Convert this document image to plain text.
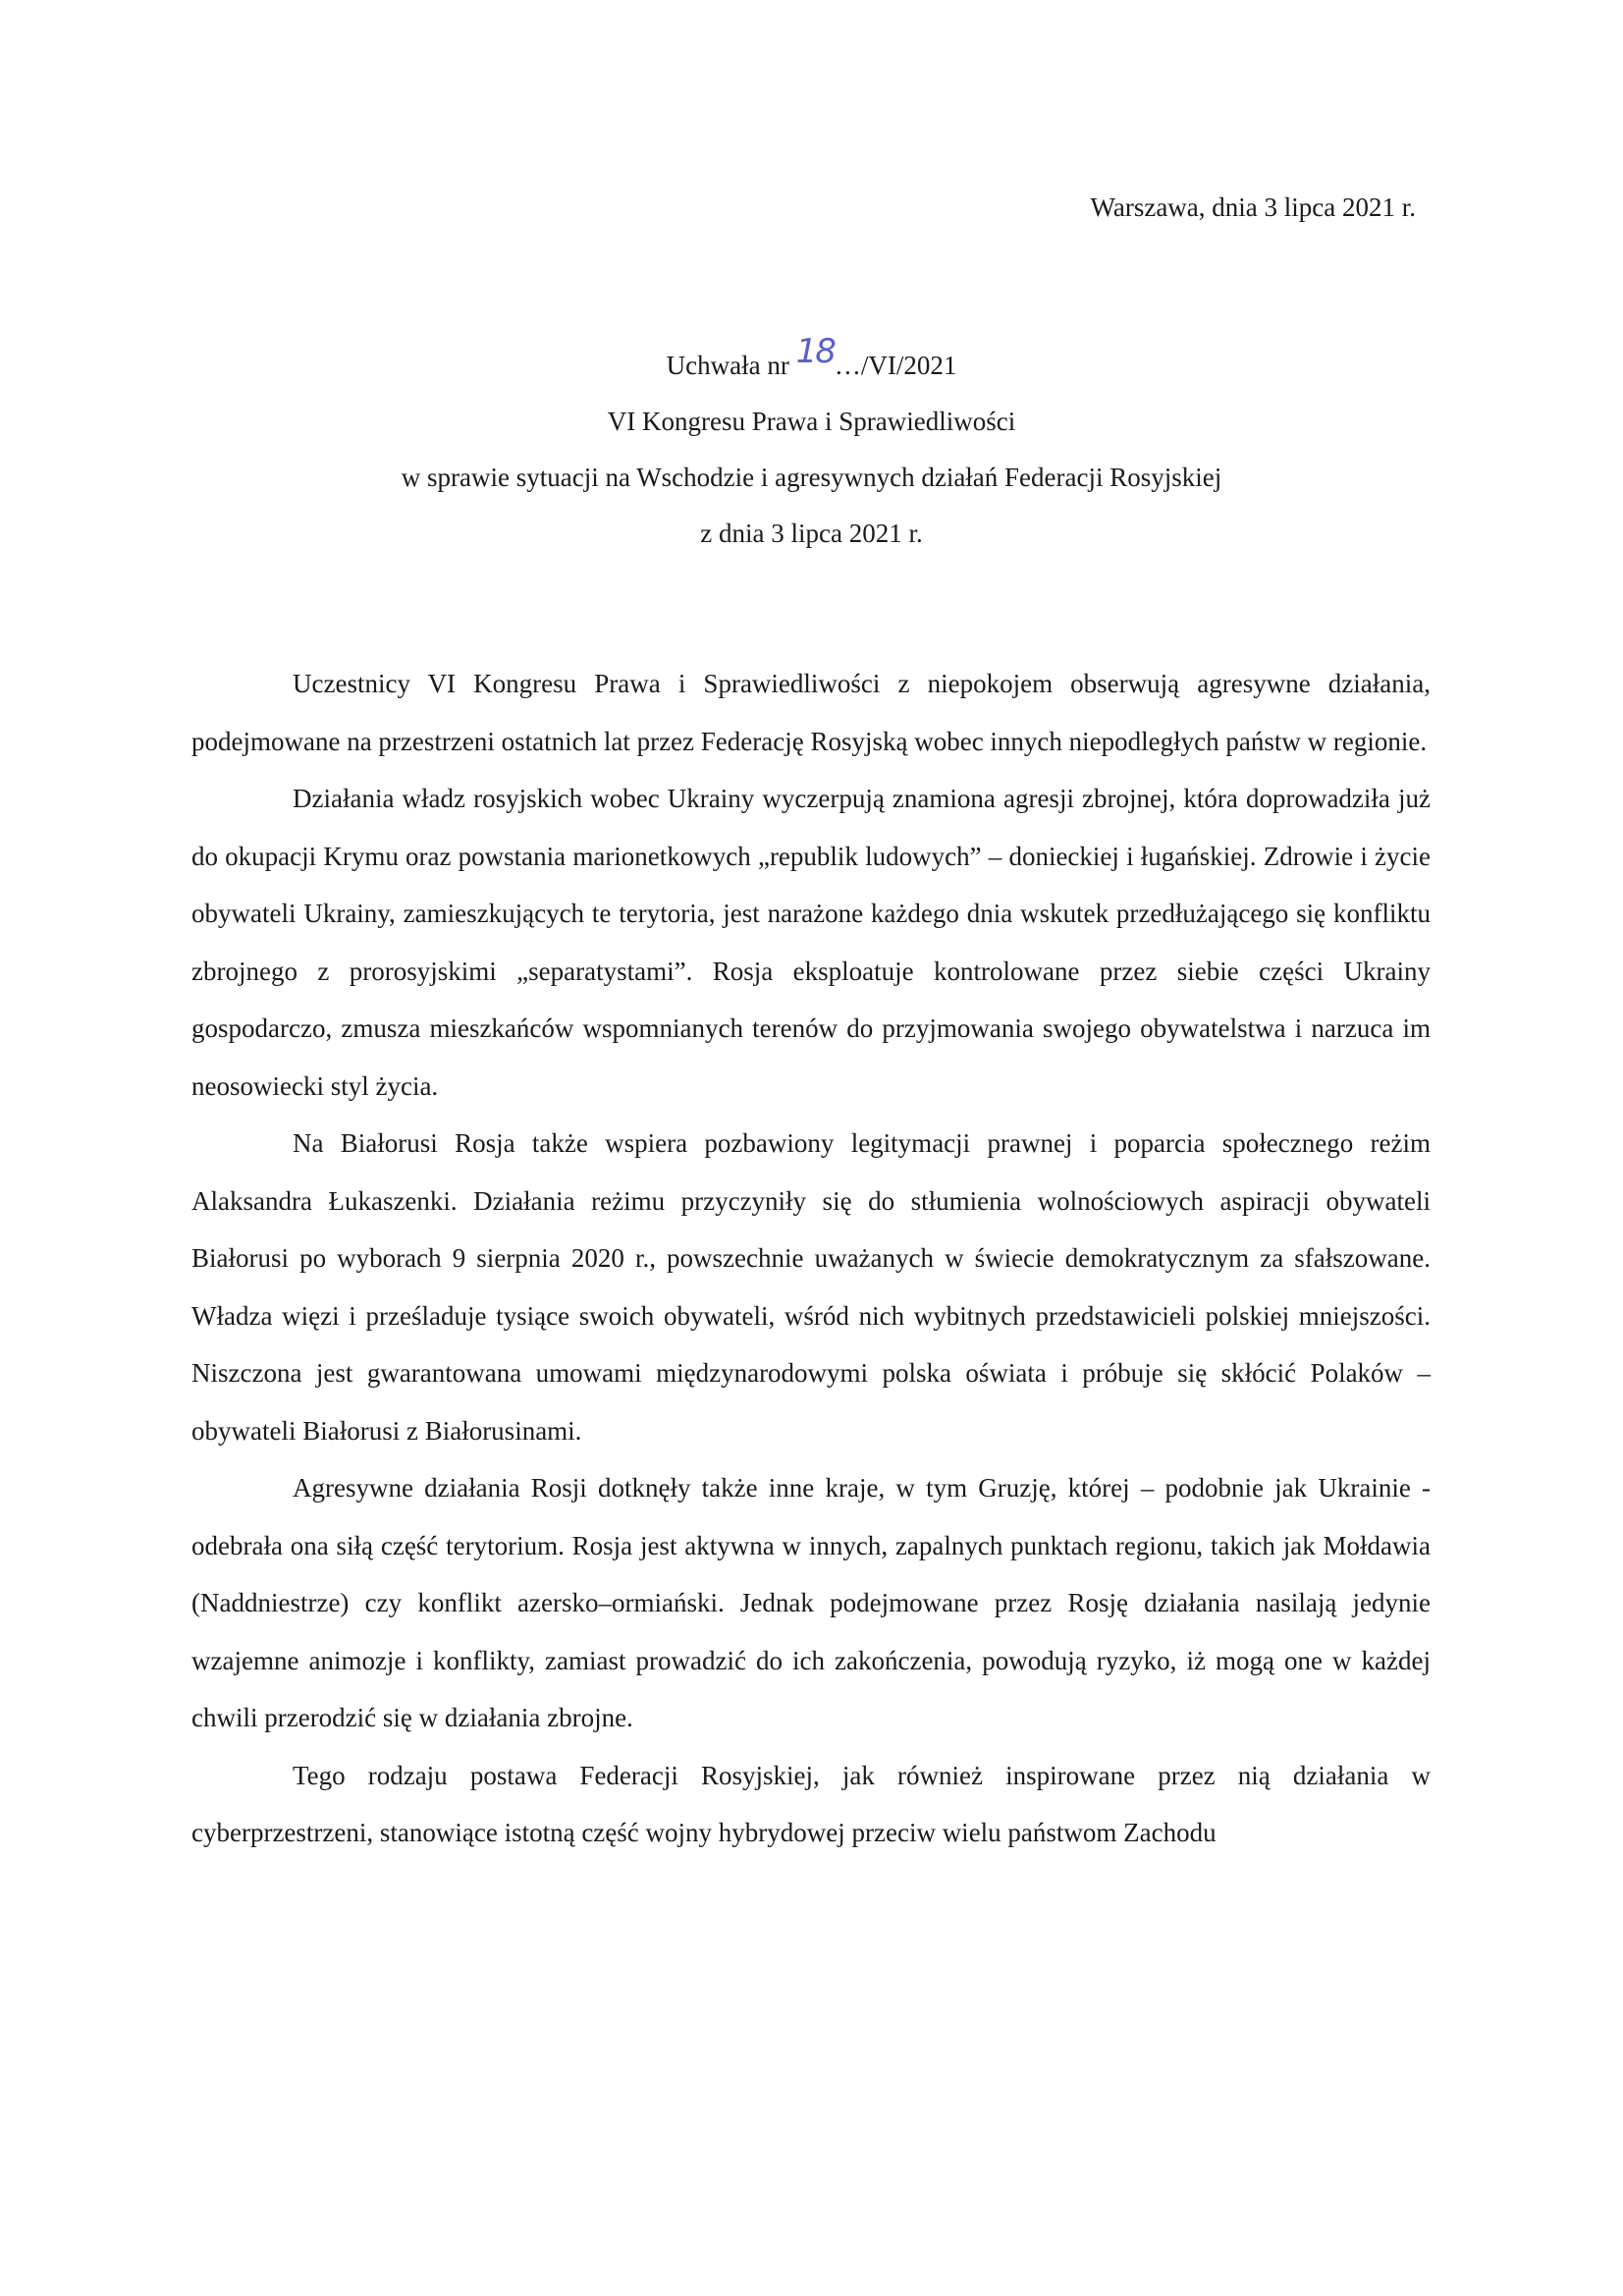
Warszawa, dnia 3 lipca 2021 r.
Uchwała nr 18…/VI/2021
VI Kongresu Prawa i Sprawiedliwości
w sprawie sytuacji na Wschodzie i agresywnych działań Federacji Rosyjskiej
z dnia 3 lipca 2021 r.

Uczestnicy VI Kongresu Prawa i Sprawiedliwości z niepokojem obserwują agresywne działania, podejmowane na przestrzeni ostatnich lat przez Federację Rosyjską wobec innych niepodległych państw w regionie.

Działania władz rosyjskich wobec Ukrainy wyczerpują znamiona agresji zbrojnej, która doprowadziła już do okupacji Krymu oraz powstania marionetkowych „republik ludowych” – donieckiej i ługańskiej. Zdrowie i życie obywateli Ukrainy, zamieszkujących te terytoria, jest narażone każdego dnia wskutek przedłużającego się konfliktu zbrojnego z prorosyjskimi „separatystami”. Rosja eksploatuje kontrolowane przez siebie części Ukrainy gospodarczo, zmusza mieszkańców wspomnianych terenów do przyjmowania swojego obywatelstwa i narzuca im neosowiecki styl życia.

Na Białorusi Rosja także wspiera pozbawiony legitymacji prawnej i poparcia społecznego reżim Alaksandra Łukaszenki. Działania reżimu przyczyniły się do stłumienia wolnościowych aspiracji obywateli Białorusi po wyborach 9 sierpnia 2020 r., powszechnie uważanych w świecie demokratycznym za sfałszowane. Władza więzi i prześladuje tysiące swoich obywateli, wśród nich wybitnych przedstawicieli polskiej mniejszości. Niszczona jest gwarantowana umowami międzynarodowymi polska oświata i próbuje się skłócić Polaków – obywateli Białorusi z Białorusinami.

Agresywne działania Rosji dotknęły także inne kraje, w tym Gruzję, której – podobnie jak Ukrainie - odebrała ona siłą część terytorium. Rosja jest aktywna w innych, zapalnych punktach regionu, takich jak Mołdawia (Naddniestrze) czy konflikt azersko–ormiański. Jednak podejmowane przez Rosję działania nasilają jedynie wzajemne animozje i konflikty, zamiast prowadzić do ich zakończenia, powodują ryzyko, iż mogą one w każdej chwili przerodzić się w działania zbrojne.

Tego rodzaju postawa Federacji Rosyjskiej, jak również inspirowane przez nią działania w cyberprzestrzeni, stanowiące istotną część wojny hybrydowej przeciw wielu państwom Zachodu
